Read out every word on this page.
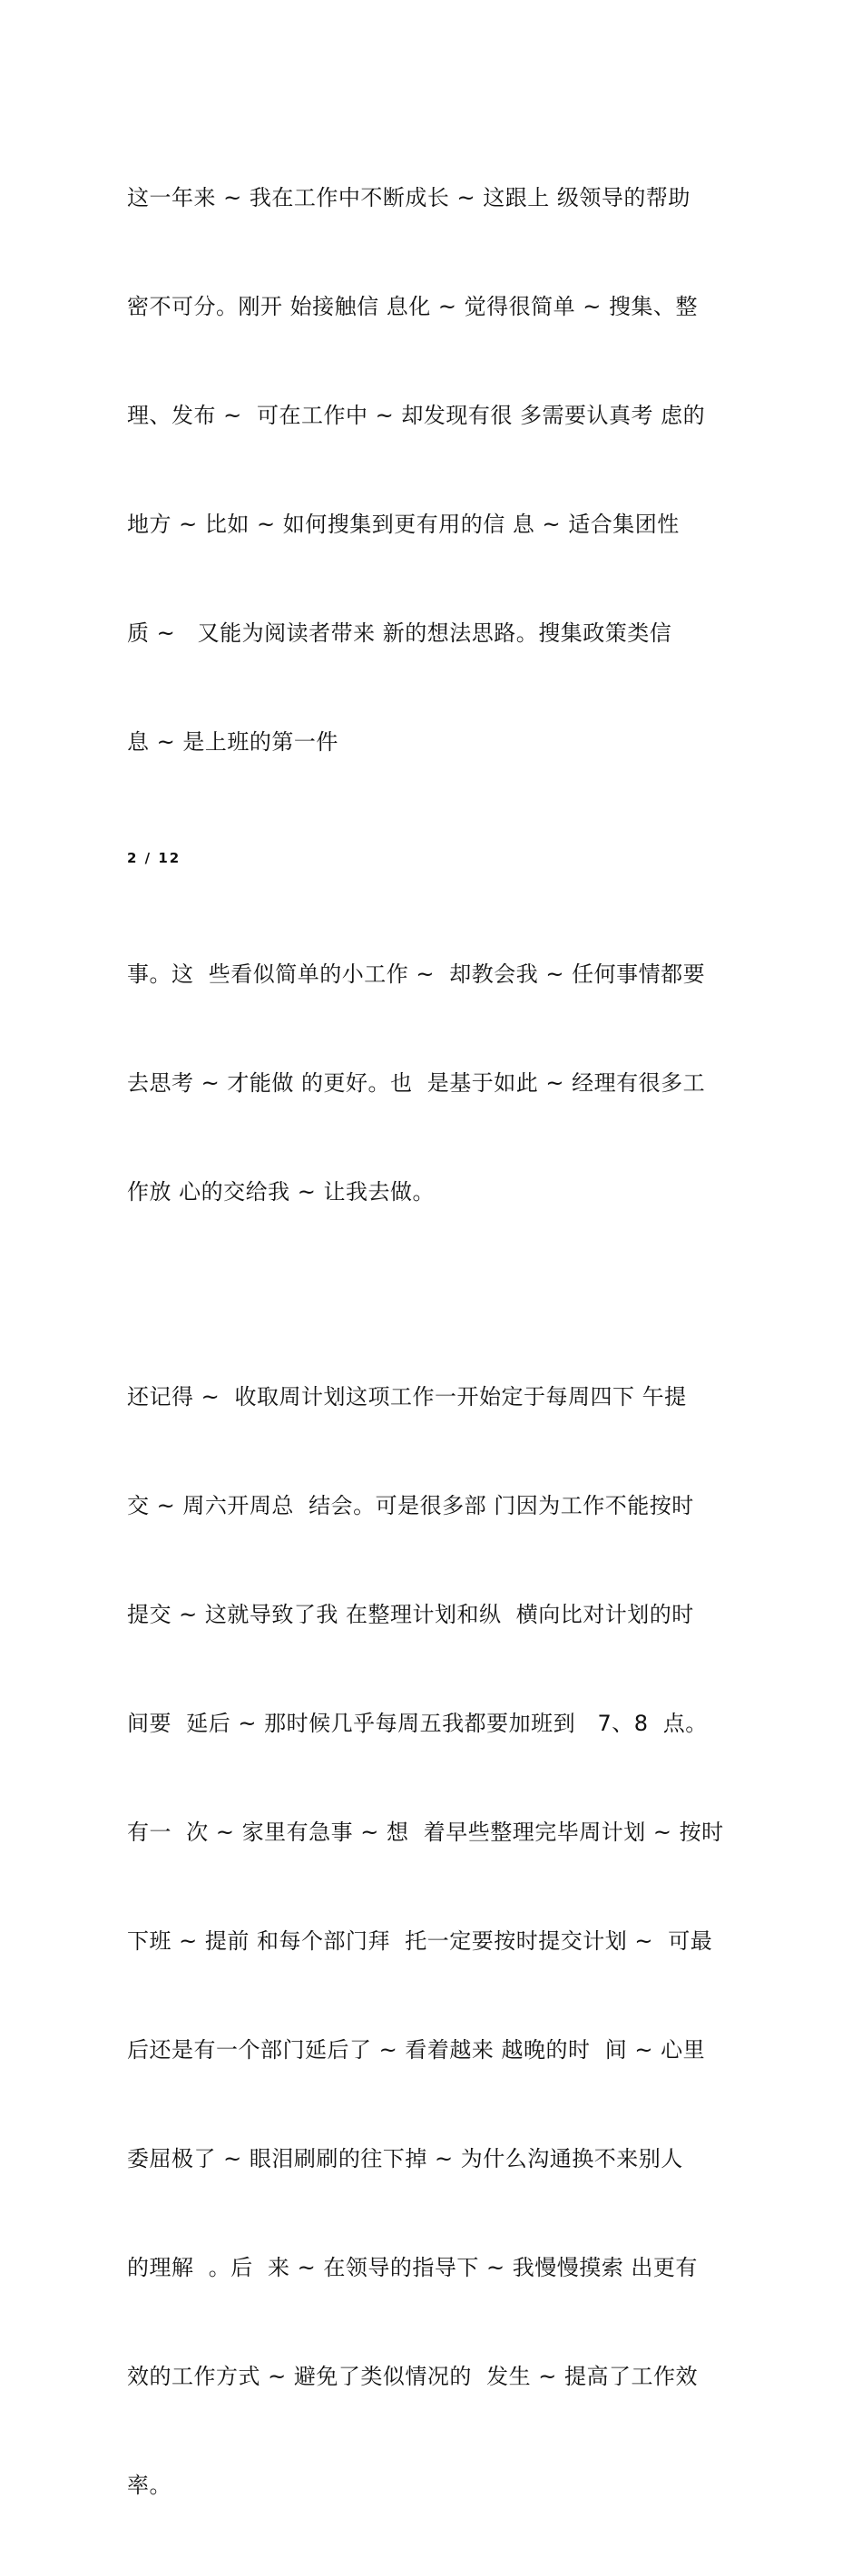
这一年来 ~ 我在工作中不断成长 ~ 这跟上 级领导的帮助

密不可分。刚开 始接触信 息化 ~ 觉得很简单 ~ 搜集、整

理、发布 ~  可在工作中 ~ 却发现有很 多需要认真考 虑的

地方 ~ 比如 ~ 如何搜集到更有用的信 息 ~ 适合集团性

质 ~   又能为阅读者带来 新的想法思路。搜集政策类信

息 ~ 是上班的第一件

2 / 12

事。这  些看似简单的小工作 ~  却教会我 ~ 任何事情都要

去思考 ~ 才能做 的更好。也  是基于如此 ~ 经理有很多工

作放 心的交给我 ~ 让我去做。

还记得 ~  收取周计划这项工作一开始定于每周四下 午提

交 ~ 周六开周总  结会。可是很多部 门因为工作不能按时

提交 ~ 这就导致了我 在整理计划和纵  横向比对计划的时

间要  延后 ~ 那时候几乎每周五我都要加班到   7、8  点。

有一  次 ~ 家里有急事 ~ 想  着早些整理完毕周计划 ~ 按时

下班 ~ 提前 和每个部门拜  托一定要按时提交计划 ~  可最

后还是有一个部门延后了 ~ 看着越来 越晚的时  间 ~ 心里

委屈极了 ~ 眼泪刷刷的往下掉 ~ 为什么沟通换不来别人

的理解  。后  来 ~ 在领导的指导下 ~ 我慢慢摸索 出更有

效的工作方式 ~ 避免了类似情况的  发生 ~ 提高了工作效

率。
